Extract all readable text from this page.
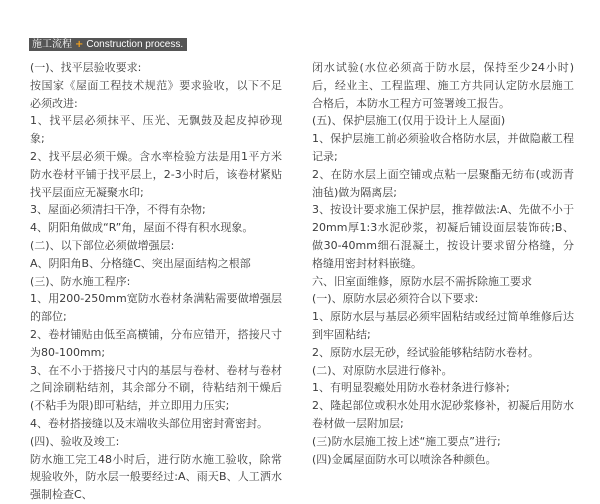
施工流程 + Construction process.

(一)、找平层验收要求:

按国家《屋面工程技术规范》要求验收，以下不足必须改进:

1、找平层必须抹平、压光、无飘鼓及起皮掉砂现象;

2、找平层必须干燥。含水率检验方法是用1平方米防水卷材平铺于找平层上，2-3小时后，该卷材紧贴找平层面应无凝聚水印;

3、屋面必须清扫干净，不得有杂物;

4、阴阳角做成“R”角，屋面不得有积水现象。

(二)、以下部位必须做增强层:

A、阴阳角B、分格缝C、突出屋面结构之根部

(三)、防水施工程序:

1、用200-250mm宽防水卷材条满粘需要做增强层的部位;

2、卷材铺贴由低至高横铺，分布应错开，搭接尺寸为80-100mm;

3、在不小于搭接尺寸内的基层与卷材、卷材与卷材之间涂刷粘结剂，其余部分不刷，待粘结剂干燥后(不粘手为限)即可粘结，并立即用力压实;

4、卷材搭接缝以及末端收头部位用密封膏密封。

(四)、验收及竣工:

防水施工完工48小时后，进行防水施工验收，除常规验收外，防水层一般要经过:A、雨天B、人工洒水强制检查C、

闭水试验(水位必须高于防水层，保持至少24小时)后，经业主、工程监理、施工方共同认定防水层施工合格后，本防水工程方可签署竣工报告。

(五)、保护层施工(仅用于设计上人屋面)

1、保护层施工前必须验收合格防水层，并做隐蔽工程记录;

2、在防水层上面空铺或点粘一层聚酯无纺布(或沥青油毡)做为隔离层;

3、按设计要求施工保护层，推荐做法:A、先做不小于20mm厚1:3水泥砂浆，初凝后铺设面层装饰砖;B、做30-40mm细石混凝土，按设计要求留分格缝，分格缝用密封材料嵌缝。

六、旧室面维修，原防水层不需拆除施工要求

(一)、原防水层必须符合以下要求:

1、原防水层与基层必须牢固粘结或经过简单维修后达到牢固粘结;

2、原防水层无砂，经试验能够粘结防水卷材。

(二)、对原防水层进行修补。

1、有明显裂瘢处用防水卷材条进行修补;

2、隆起部位或积水处用水泥砂浆修补，初凝后用防水卷材做一层附加层;

(三)防水层施工按上述“施工要点”进行;

(四)金属屋面防水可以喷涂各种颜色。
